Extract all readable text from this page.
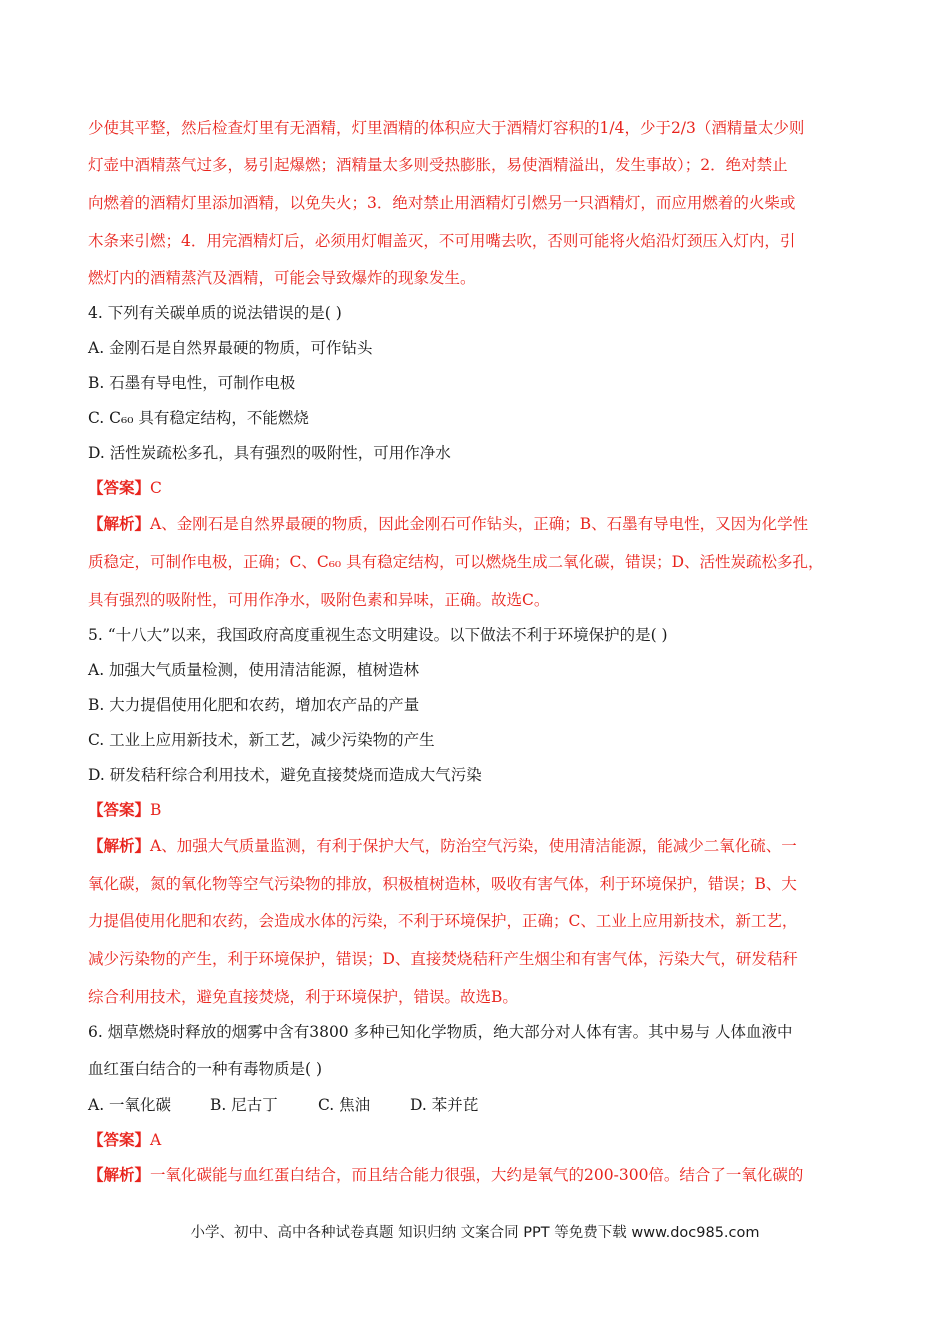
少使其平整，然后检查灯里有无酒精，灯里酒精的体积应大于酒精灯容积的1/4，少于2/3（酒精量太少则
灯壶中酒精蒸气过多，易引起爆燃；酒精量太多则受热膨胀，易使酒精溢出，发生事故）；2．绝对禁止
向燃着的酒精灯里添加酒精，以免失火；3．绝对禁止用酒精灯引燃另一只酒精灯，而应用燃着的火柴或
木条来引燃；4．用完酒精灯后，必须用灯帽盖灭，不可用嘴去吹，否则可能将火焰沿灯颈压入灯内，引
燃灯内的酒精蒸汽及酒精，可能会导致爆炸的现象发生。
4. 下列有关碳单质的说法错误的是( )
A. 金刚石是自然界最硬的物质，可作钻头
B. 石墨有导电性，可制作电极
C. C₆₀ 具有稳定结构，不能燃烧
D. 活性炭疏松多孔，具有强烈的吸附性，可用作净水
【答案】C
【解析】A、金刚石是自然界最硬的物质，因此金刚石可作钻头，正确；B、石墨有导电性，又因为化学性
质稳定，可制作电极，正确；C、C₆₀ 具有稳定结构，可以燃烧生成二氧化碳，错误；D、活性炭疏松多孔，
具有强烈的吸附性，可用作净水，吸附色素和异味，正确。故选C。
5. “十八大”以来，我国政府高度重视生态文明建设。以下做法不利于环境保护的是( )
A. 加强大气质量检测，使用清洁能源，植树造林
B. 大力提倡使用化肥和农药，增加农产品的产量
C. 工业上应用新技术，新工艺，减少污染物的产生
D. 研发秸秆综合利用技术，避免直接焚烧而造成大气污染
【答案】B
【解析】A、加强大气质量监测，有利于保护大气，防治空气污染，使用清洁能源，能减少二氧化硫、一
氧化碳，氮的氧化物等空气污染物的排放，积极植树造林，吸收有害气体，利于环境保护，错误；B、大
力提倡使用化肥和农药，会造成水体的污染，不利于环境保护，正确；C、工业上应用新技术，新工艺，
减少污染物的产生，利于环境保护，错误；D、直接焚烧秸秆产生烟尘和有害气体，污染大气，研发秸秆
综合利用技术，避免直接焚烧，利于环境保护，错误。故选B。
6. 烟草燃烧时释放的烟雾中含有3800 多种已知化学物质，绝大部分对人体有害。其中易与 人体血液中
血红蛋白结合的一种有毒物质是( )
A. 一氧化碳	B. 尼古丁	C. 焦油	D. 苯并芘
【答案】A
【解析】一氧化碳能与血红蛋白结合，而且结合能力很强，大约是氧气的200-300倍。结合了一氧化碳的
小学、初中、高中各种试卷真题 知识归纳 文案合同 PPT 等免费下载 www.doc985.com
